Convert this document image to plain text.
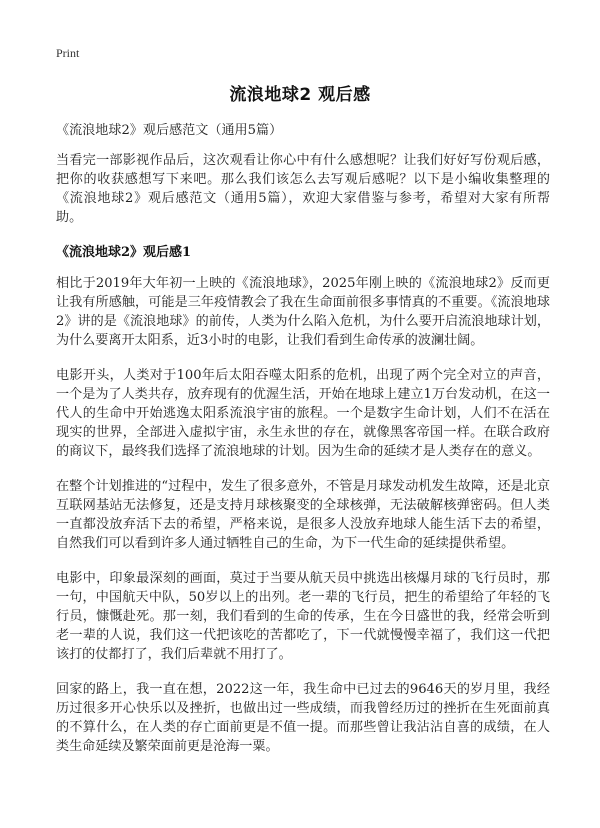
Print
流浪地球2 观后感

《流浪地球2》观后感范文（通用5篇）

当看完一部影视作品后，这次观看让你心中有什么感想呢？让我们好好写份观后感，把你的收获感想写下来吧。那么我们该怎么去写观后感呢？以下是小编收集整理的《流浪地球2》观后感范文（通用5篇），欢迎大家借鉴与参考，希望对大家有所帮助。

《流浪地球2》观后感1

相比于2019年大年初一上映的《流浪地球》，2025年刚上映的《流浪地球2》反而更让我有所感触，可能是三年疫情教会了我在生命面前很多事情真的不重要。《流浪地球2》讲的是《流浪地球》的前传，人类为什么陷入危机，为什么要开启流浪地球计划，为什么要离开太阳系，近3小时的电影，让我们看到生命传承的波澜壮阔。

电影开头，人类对于100年后太阳吞噬太阳系的危机，出现了两个完全对立的声音，一个是为了人类共存，放弃现有的优渥生活，开始在地球上建立1万台发动机，在这一代人的生命中开始逃逸太阳系流浪宇宙的旅程。一个是数字生命计划，人们不在活在现实的世界，全部进入虚拟宇宙，永生永世的存在，就像黑客帝国一样。在联合政府的商议下，最终我们选择了流浪地球的计划。因为生命的延续才是人类存在的意义。

在整个计划推进的“过程中，发生了很多意外，不管是月球发动机发生故障，还是北京互联网基站无法修复，还是支持月球核聚变的全球核弹，无法破解核弹密码。但人类一直都没放弃活下去的希望，严格来说，是很多人没放弃地球人能生活下去的希望，自然我们可以看到许多人通过牺牲自己的生命，为下一代生命的延续提供希望。

电影中，印象最深刻的画面，莫过于当要从航天员中挑选出核爆月球的飞行员时，那一句，中国航天中队，50岁以上的出列。老一辈的飞行员，把生的希望给了年轻的飞行员，慷慨赴死。那一刻，我们看到的生命的传承，生在今日盛世的我，经常会听到老一辈的人说，我们这一代把该吃的苦都吃了，下一代就慢慢幸福了，我们这一代把该打的仗都打了，我们后辈就不用打了。

回家的路上，我一直在想，2022这一年，我生命中已过去的9646天的岁月里，我经历过很多开心快乐以及挫折，也做出过一些成绩，而我曾经历过的挫折在生死面前真的不算什么，在人类的存亡面前更是不值一提。而那些曾让我沾沾自喜的成绩，在人类生命延续及繁荣面前更是沧海一粟。
